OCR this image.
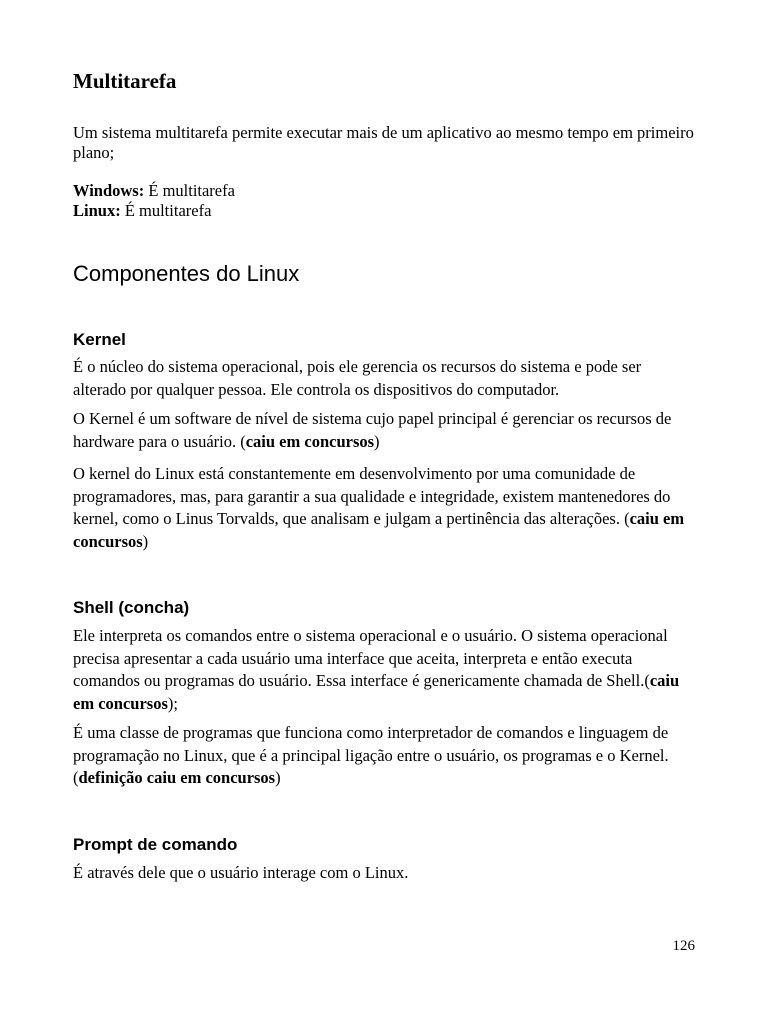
Multitarefa

Um sistema multitarefa permite executar mais de um aplicativo ao mesmo tempo em primeiro plano;

Windows: É multitarefa
Linux: É multitarefa
Componentes do Linux
Kernel

É o núcleo do sistema operacional, pois ele gerencia os recursos do sistema e pode ser alterado por qualquer pessoa. Ele controla os dispositivos do computador.

O Kernel é um software de nível de sistema cujo papel principal é gerenciar os recursos de hardware para o usuário. (caiu em concursos)

O kernel do Linux está constantemente em desenvolvimento por uma comunidade de programadores, mas, para garantir a sua qualidade e integridade, existem mantenedores do kernel, como o Linus Torvalds, que analisam e julgam a pertinência das alterações. (caiu em concursos)

Shell (concha)

Ele interpreta os comandos entre o sistema operacional e o usuário. O sistema operacional precisa apresentar a cada usuário uma interface que aceita, interpreta e então executa comandos ou programas do usuário. Essa interface é genericamente chamada de Shell.(caiu em concursos);

É uma classe de programas que funciona como interpretador de comandos e linguagem de programação no Linux, que é a principal ligação entre o usuário, os programas e o Kernel. (definição caiu em concursos)

Prompt de comando

É através dele que o usuário interage com o Linux.

126
